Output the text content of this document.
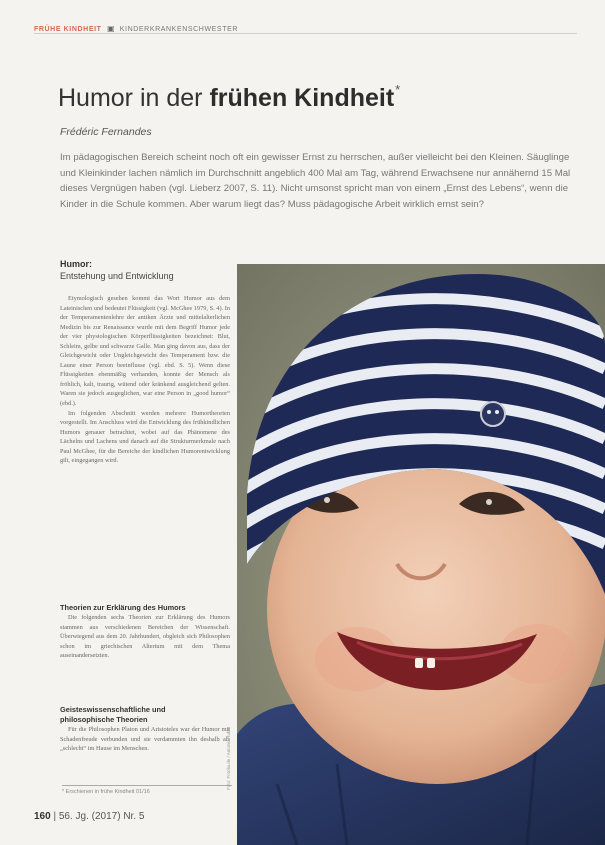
FRÜHE KINDHEIT ▣ KINDERKRANKENSCHWESTER
Humor in der frühen Kindheit*
Frédéric Fernandes

Im pädagogischen Bereich scheint noch oft ein gewisser Ernst zu herrschen, außer vielleicht bei den Kleinen. Säuglinge und Kleinkinder lachen nämlich im Durchschnitt angeblich 400 Mal am Tag, während Erwachsene nur annähernd 15 Mal dieses Vergnügen haben (vgl. Lieberz 2007, S. 11). Nicht umsonst spricht man von einem „Ernst des Lebens“, wenn die Kinder in die Schule kommen. Aber warum liegt das? Muss pädagogische Arbeit wirklich ernst sein?

Humor:
Entstehung und Entwicklung

Etymologisch gesehen kommt das Wort Humor aus dem Lateinischen und bedeutet Flüssigkeit (vgl. McGhee 1979, S. 4). In der Temperamentenlehre der antiken Ärzte und mittelalterlichen Medizin bis zur Renaissance wurde mit dem Begriff Humor jede der vier physiologischen Körperflüssigkeiten bezeichnet: Blut, Schleim, gelbe und schwarze Galle. Man ging davon aus, dass der Gleichgewicht oder Ungleichgewicht des Temperament bzw. die Laune einer Person beeinflusse (vgl. ebd. S. 5). Wenn diese Flüssigkeiten ebenmäßig verhanden, konnte der Mensch als fröhlich, kalt, traurig, wütend oder kränkend ausgleichend gelten. Waren sie jedoch ausgeglichen, war eine Person in „good humor“ (ebd.).

Im folgenden Abschnitt werden mehrere Humortheorien vorgestellt. Im Anschluss wird die Entwicklung des frühkindlichen Humors genauer betrachtet, wobei auf das Phänomene des Lächelns und Lachens und danach auf die Strukturmerkmale nach Paul McGhee, für die Bereiche der kindlichen Humorentwicklung gilt, eingegangen wird.

Theorien zur Erklärung des Humors

Die folgenden sechs Theorien zur Erklärung des Humors stammen aus verschiedenen Bereichen der Wissenschaft. Überwiegend aus dem 20. Jahrhundert, obgleich sich Philosophen schon im griechischen Altertum mit dem Thema auseinandersetzten.

Geisteswissenschaftliche und
philosophische Theorien

Für die Philosophen Platon und Aristoteles war der Humor mit Schadenfreude verbunden und sie verdammten ihn deshalb als „schlecht“ im Hause im Menschen.

* Erschienen in frühe Kindheit 01/16
160 | 56. Jg. (2017) Nr. 5
Foto: Fotolia.de / Antonio Rubio
